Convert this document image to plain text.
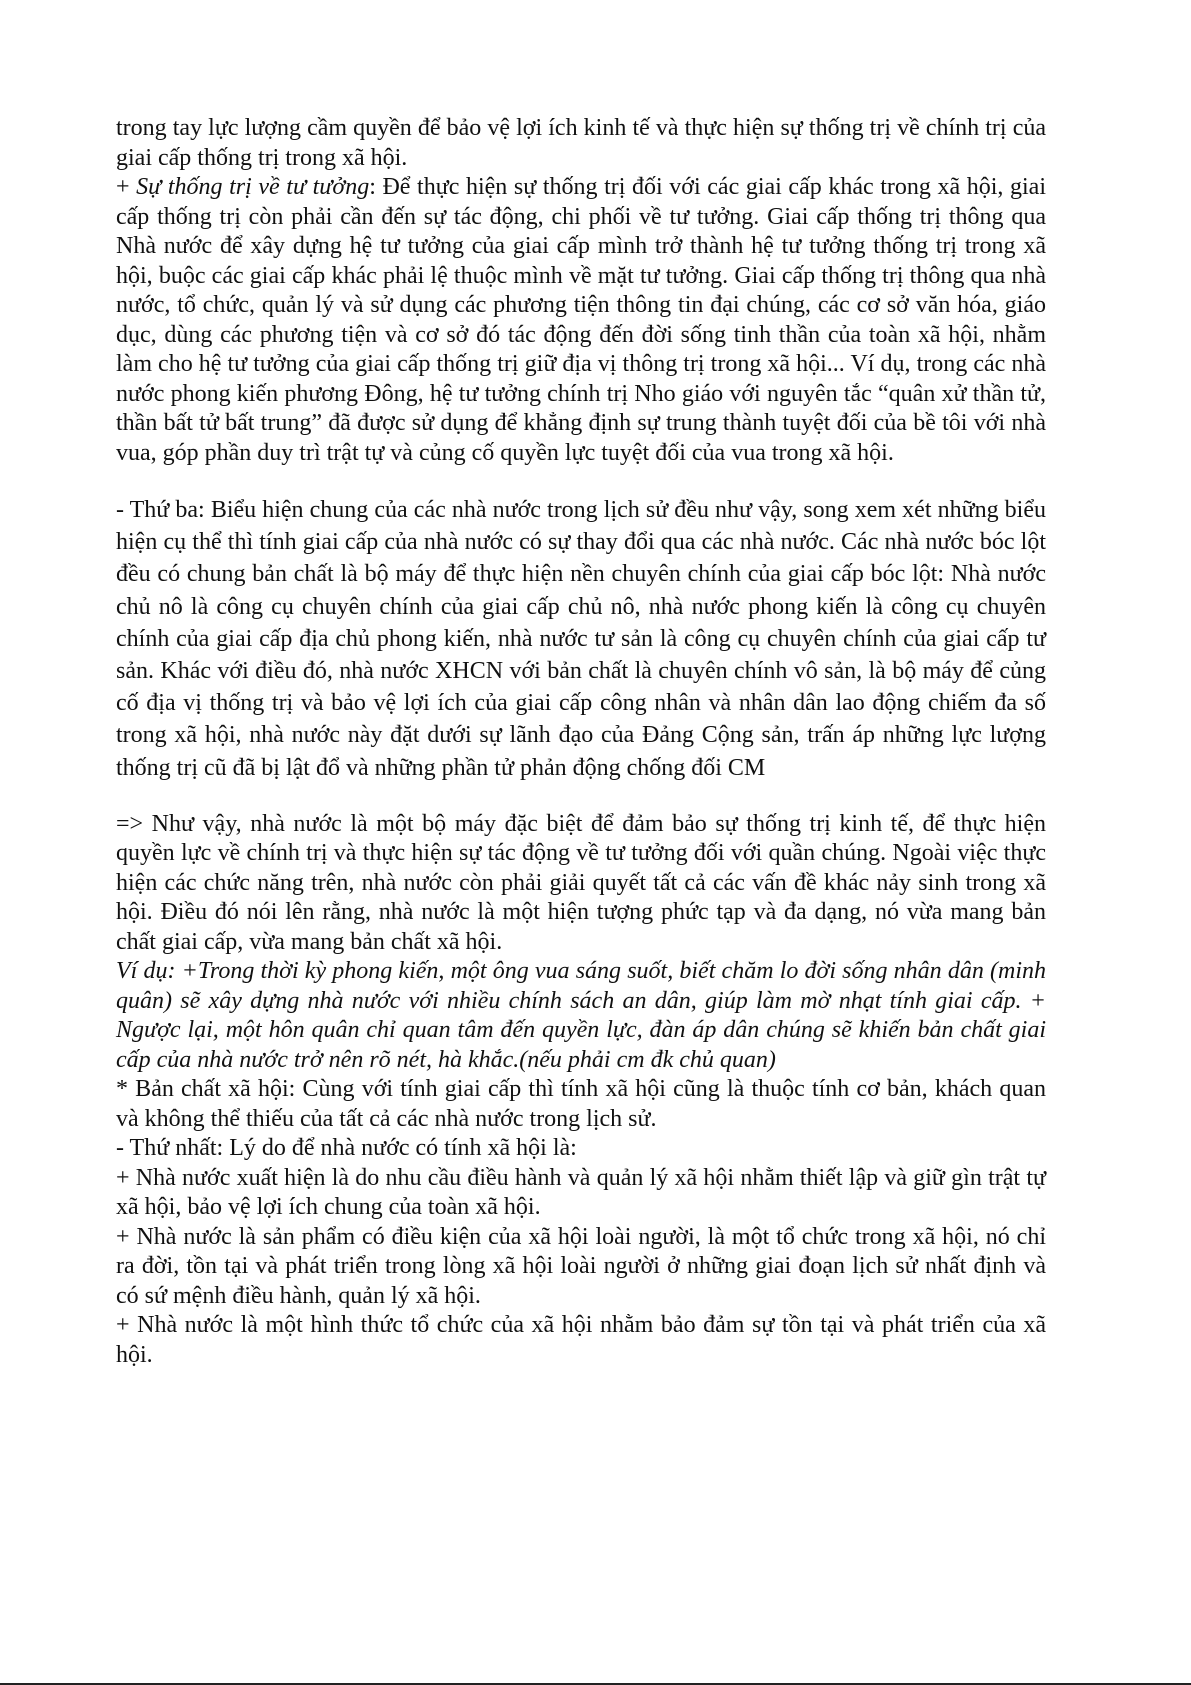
trong tay lực lượng cầm quyền để bảo vệ lợi ích kinh tế và thực hiện sự thống trị về chính trị của giai cấp thống trị trong xã hội.

+ Sự thống trị về tư tưởng: Để thực hiện sự thống trị đối với các giai cấp khác trong xã hội, giai cấp thống trị còn phải cần đến sự tác động, chi phối về tư tưởng. Giai cấp thống trị thông qua Nhà nước để xây dựng hệ tư tưởng của giai cấp mình trở thành hệ tư tưởng thống trị trong xã hội, buộc các giai cấp khác phải lệ thuộc mình về mặt tư tưởng. Giai cấp thống trị thông qua nhà nước, tổ chức, quản lý và sử dụng các phương tiện thông tin đại chúng, các cơ sở văn hóa, giáo dục, dùng các phương tiện và cơ sở đó tác động đến đời sống tinh thần của toàn xã hội, nhằm làm cho hệ tư tưởng của giai cấp thống trị giữ địa vị thông trị trong xã hội... Ví dụ, trong các nhà nước phong kiến phương Đông, hệ tư tưởng chính trị Nho giáo với nguyên tắc “quân xử thần tử, thần bất tử bất trung” đã được sử dụng để khẳng định sự trung thành tuyệt đối của bề tôi với nhà vua, góp phần duy trì trật tự và củng cố quyền lực tuyệt đối của vua trong xã hội.

- Thứ ba: Biểu hiện chung của các nhà nước trong lịch sử đều như vậy, song xem xét những biểu hiện cụ thể thì tính giai cấp của nhà nước có sự thay đổi qua các nhà nước. Các nhà nước bóc lột đều có chung bản chất là bộ máy để thực hiện nền chuyên chính của giai cấp bóc lột: Nhà nước chủ nô là công cụ chuyên chính của giai cấp chủ nô, nhà nước phong kiến là công cụ chuyên chính của giai cấp địa chủ phong kiến, nhà nước tư sản là công cụ chuyên chính của giai cấp tư sản. Khác với điều đó, nhà nước XHCN với bản chất là chuyên chính vô sản, là bộ máy để củng cố địa vị thống trị và bảo vệ lợi ích của giai cấp công nhân và nhân dân lao động chiếm đa số trong xã hội, nhà nước này đặt dưới sự lãnh đạo của Đảng Cộng sản, trấn áp những lực lượng thống trị cũ đã bị lật đổ và những phần tử phản động chống đối CM

=> Như vậy, nhà nước là một bộ máy đặc biệt để đảm bảo sự thống trị kinh tế, để thực hiện quyền lực về chính trị và thực hiện sự tác động về tư tưởng đối với quần chúng. Ngoài việc thực hiện các chức năng trên, nhà nước còn phải giải quyết tất cả các vấn đề khác nảy sinh trong xã hội. Điều đó nói lên rằng, nhà nước là một hiện tượng phức tạp và đa dạng, nó vừa mang bản chất giai cấp, vừa mang bản chất xã hội.

Ví dụ: +Trong thời kỳ phong kiến, một ông vua sáng suốt, biết chăm lo đời sống nhân dân (minh quân) sẽ xây dựng nhà nước với nhiều chính sách an dân, giúp làm mờ nhạt tính giai cấp. + Ngược lại, một hôn quân chỉ quan tâm đến quyền lực, đàn áp dân chúng sẽ khiến bản chất giai cấp của nhà nước trở nên rõ nét, hà khắc.(nếu phải cm đk chủ quan)

* Bản chất xã hội: Cùng với tính giai cấp thì tính xã hội cũng là thuộc tính cơ bản, khách quan và không thể thiếu của tất cả các nhà nước trong lịch sử.

- Thứ nhất: Lý do để nhà nước có tính xã hội là:

+ Nhà nước xuất hiện là do nhu cầu điều hành và quản lý xã hội nhằm thiết lập và giữ gìn trật tự xã hội, bảo vệ lợi ích chung của toàn xã hội.

+ Nhà nước là sản phẩm có điều kiện của xã hội loài người, là một tổ chức trong xã hội, nó chỉ ra đời, tồn tại và phát triển trong lòng xã hội loài người ở những giai đoạn lịch sử nhất định và có sứ mệnh điều hành, quản lý xã hội.

+ Nhà nước là một hình thức tổ chức của xã hội nhằm bảo đảm sự tồn tại và phát triển của xã hội.
